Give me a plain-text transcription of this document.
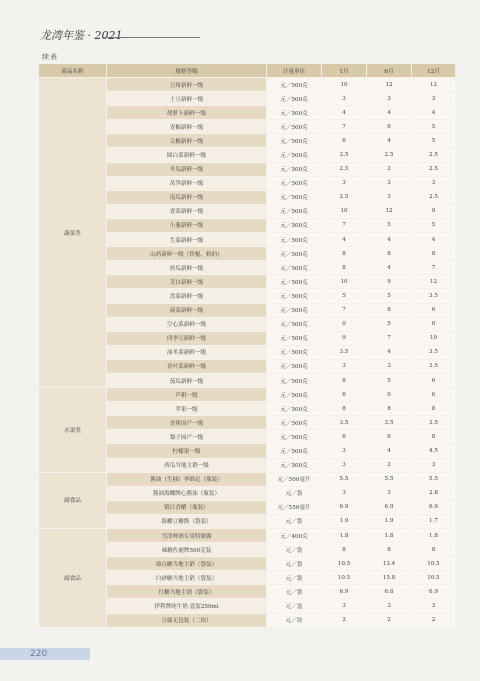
龙湾年鉴 · 2021
续表
商品名称	规格等级	计量单位	1月	6月	12月
蔬菜类	豆角新鲜一级	元／500克	10	12	12
	土豆新鲜一级	元／500克	3	3	3
	胡萝卜新鲜一级	元／500克	4	4	4
	青椒新鲜一级	元／500克	7	6	5
	尖椒新鲜一级	元／500克	6	4	5
	圆白菜新鲜一级	元／500克	2.5	2.5	2.5
	冬瓜新鲜一级	元／500克	2.5	2	2.5
	莴笋新鲜一级	元／500克	3	3	3
	南瓜新鲜一级	元／500克	2.5	3	2.5
	香菜新鲜一级	元／500克	10	12	9
	小葱新鲜一级	元／500克	7	5	5
	生菜新鲜一级	元／500克	4	4	4
	山药新鲜一级（铁棍、粉的）	元／500克	8	8	8
	丝瓜新鲜一级	元／500克	8	4	7
	芜白新鲜一级	元／500克	10	9	12
	盘菜新鲜一级	元／500克	5	5	3.5
	菠菜新鲜一级	元／500克	7	8	6
	空心菜新鲜一级	元／500克	0	5	0
	四季豆新鲜一级	元／500克	9	7	10
	油冬菜新鲜一级	元／500克	3.5	4	3.5
	青叶菜新鲜一级	元／500克	3	3	3.5
	茄瓜新鲜一级	元／500克	8	5	6
水果类	芦柑一级	元／500克	6	0	6
	苹果一级	元／500克	8	8	8
	香蕉国产一级	元／500克	3.5	3.5	3.5
	梨子国产一级	元／500克	6	6	8
	柠檬果一级	元／500克	3	4	4.5
	西瓜当地主销一级	元／500克	3	2	3
副食品	酱油（生抽）李锦记（瓶装）	元／500毫升	5.5	5.5	5.5
	酱油海螺牌心酱油（瓶装）	元／袋	3	3	2.8
	镇江香醋（瓶装）	元／550毫升	6.9	6.9	6.9
	海螺豆瓣酱（袋装）	元／袋	1.9	1.9	1.7
副食品	雪津啤酒专用特制酱	元／400克	1.8	1.8	1.8
	味精佐鹿牌500克装	元／袋	8	8	8
	绵白糖当地主销（袋装）	元／袋	10.5	13.4	10.5
	白砂糖当地主销（袋装）	元／袋	10.5	15.8	10.5
	红糖当地主销（袋装）	元／袋	6.9	6.8	6.9
	伊利牌纯牛奶 盒装250ml	元／盒	3	3	3
	豆腐无包装（二块）	元／块	2	2	2
220
